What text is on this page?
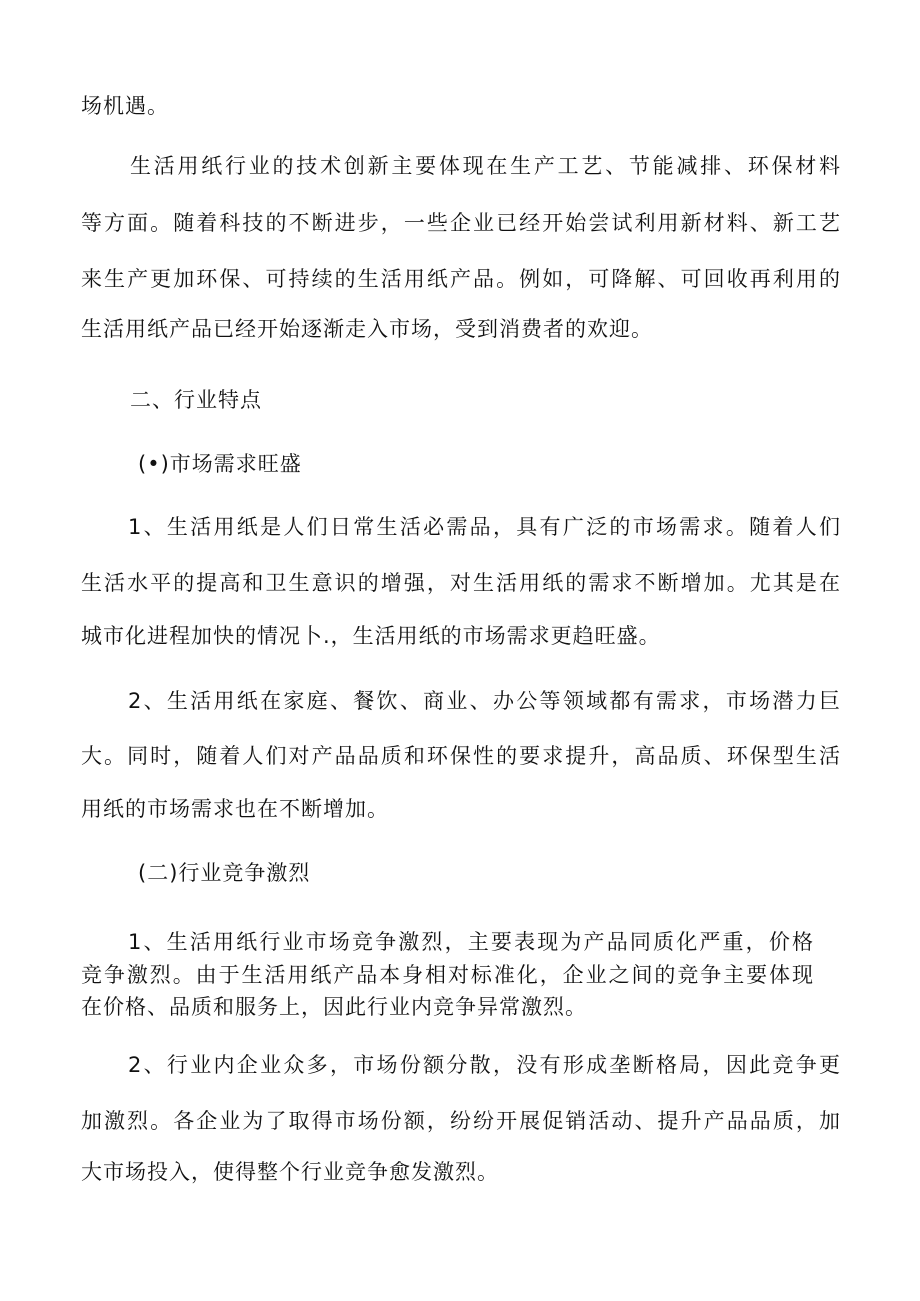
场机遇。
生活用纸行业的技术创新主要体现在生产工艺、节能减排、环保材料
等方面。随着科技的不断进步，一些企业已经开始尝试利用新材料、新工艺
来生产更加环保、可持续的生活用纸产品。例如，可降解、可回收再利用的
生活用纸产品已经开始逐渐走入市场，受到消费者的欢迎。
二、行业特点
(•)市场需求旺盛
1、生活用纸是人们日常生活必需品，具有广泛的市场需求。随着人们
生活水平的提高和卫生意识的增强，对生活用纸的需求不断增加。尤其是在
城市化进程加快的情况卜.，生活用纸的市场需求更趋旺盛。
2、生活用纸在家庭、餐饮、商业、办公等领域都有需求，市场潜力巨
大。同时，随着人们对产品品质和环保性的要求提升，高品质、环保型生活
用纸的市场需求也在不断增加。
(二)行业竞争激烈
1、生活用纸行业市场竞争激烈，主要表现为产品同质化严重，价格
竞争激烈。由于生活用纸产品本身相对标准化，企业之间的竞争主要体现
在价格、品质和服务上，因此行业内竞争异常激烈。
2、行业内企业众多，市场份额分散，没有形成垄断格局，因此竞争更
加激烈。各企业为了取得市场份额，纷纷开展促销活动、提升产品品质，加
大市场投入，使得整个行业竞争愈发激烈。
